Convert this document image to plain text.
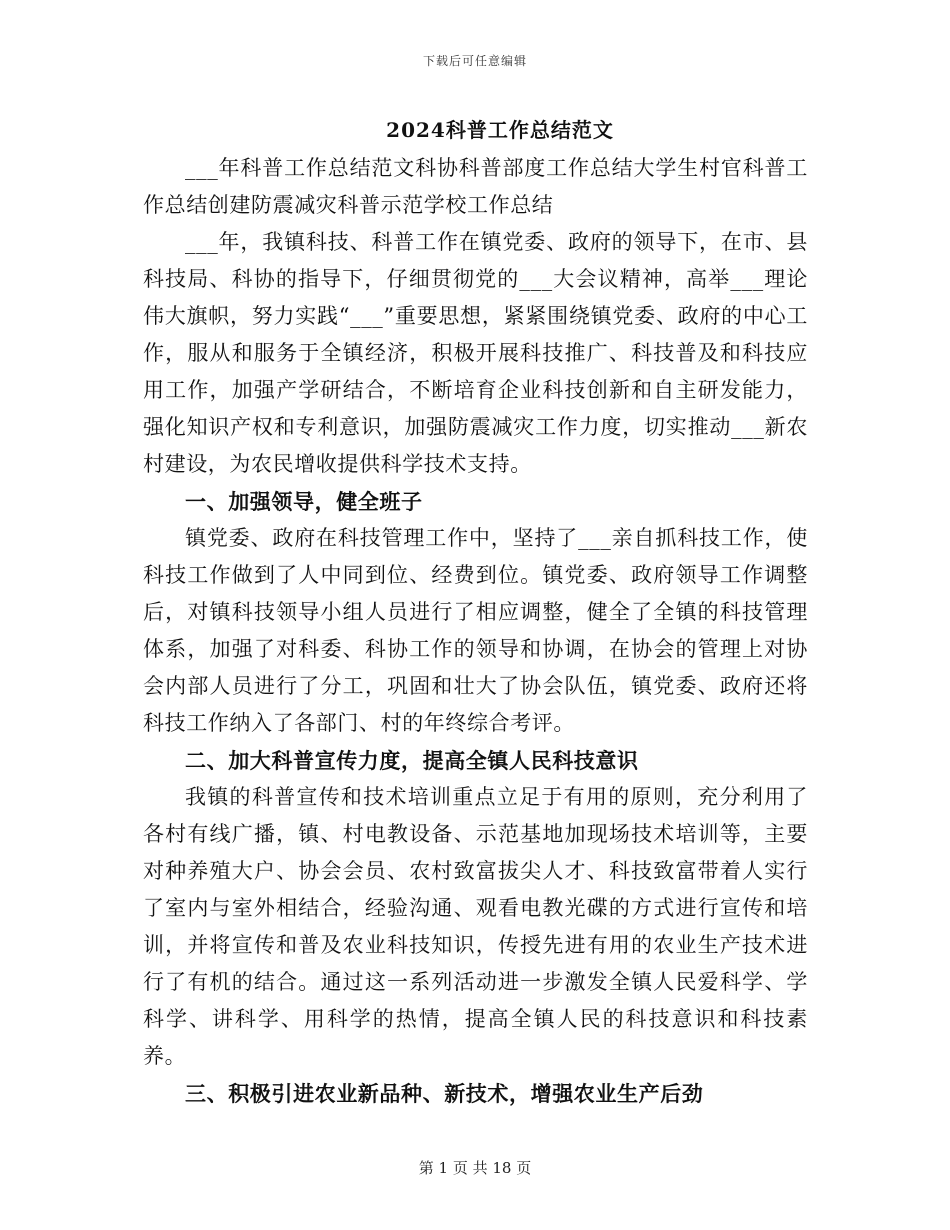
下载后可任意编辑
2024科普工作总结范文

___年科普工作总结范文科协科普部度工作总结大学生村官科普工作总结创建防震减灾科普示范学校工作总结

___年，我镇科技、科普工作在镇党委、政府的领导下，在市、县科技局、科协的指导下，仔细贯彻党的___大会议精神，高举___理论伟大旗帜，努力实践“___”重要思想，紧紧围绕镇党委、政府的中心工作，服从和服务于全镇经济，积极开展科技推广、科技普及和科技应用工作，加强产学研结合，不断培育企业科技创新和自主研发能力，强化知识产权和专利意识，加强防震减灾工作力度，切实推动___新农村建设，为农民增收提供科学技术支持。

一、加强领导，健全班子

镇党委、政府在科技管理工作中，坚持了___亲自抓科技工作，使科技工作做到了人中同到位、经费到位。镇党委、政府领导工作调整后，对镇科技领导小组人员进行了相应调整，健全了全镇的科技管理体系，加强了对科委、科协工作的领导和协调，在协会的管理上对协会内部人员进行了分工，巩固和壮大了协会队伍，镇党委、政府还将科技工作纳入了各部门、村的年终综合考评。

二、加大科普宣传力度，提高全镇人民科技意识

我镇的科普宣传和技术培训重点立足于有用的原则，充分利用了各村有线广播，镇、村电教设备、示范基地加现场技术培训等，主要对种养殖大户、协会会员、农村致富拔尖人才、科技致富带着人实行了室内与室外相结合，经验沟通、观看电教光碟的方式进行宣传和培训，并将宣传和普及农业科技知识，传授先进有用的农业生产技术进行了有机的结合。通过这一系列活动进一步激发全镇人民爱科学、学科学、讲科学、用科学的热情，提高全镇人民的科技意识和科技素养。

三、积极引进农业新品种、新技术，增强农业生产后劲
第 1 页 共 18 页
